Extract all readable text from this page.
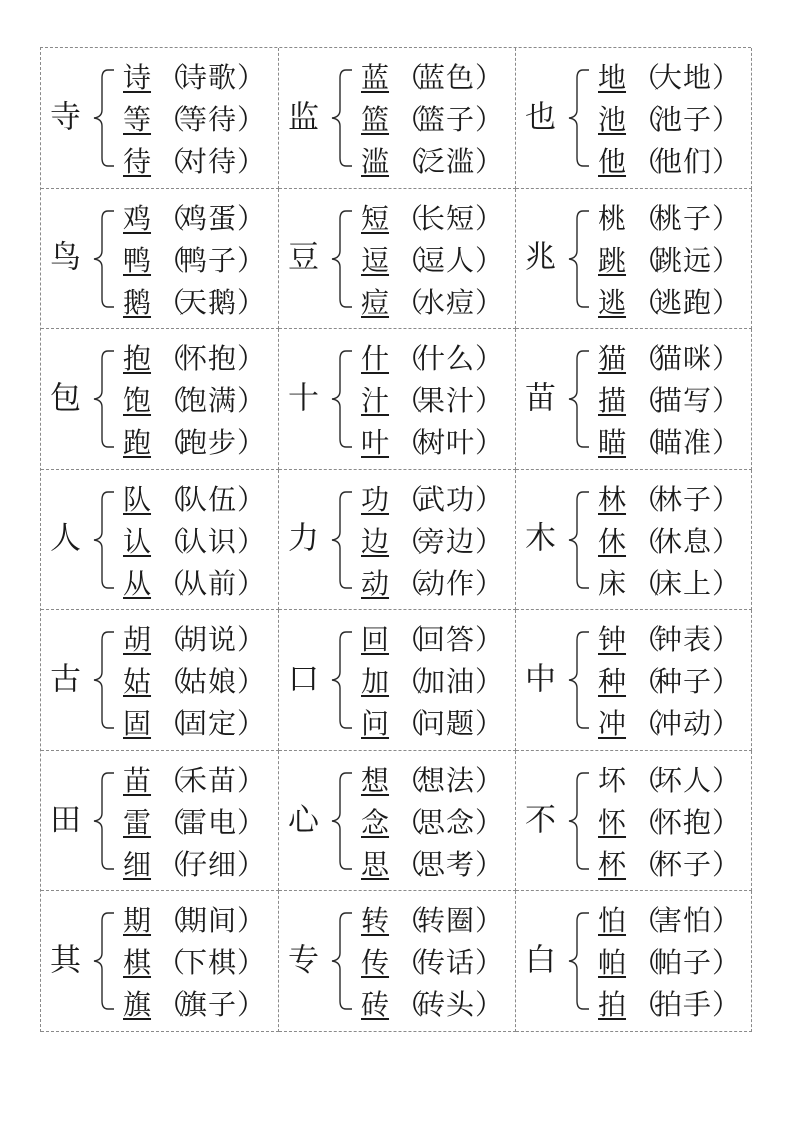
寺
诗 （
诗歌 ）
等 （
等待 ）
待 （
对待 ）
监
蓝 （
蓝色 ）
篮 （
篮子 ）
滥 （
泛滥 ）
也
地 （
大地 ）
池 （
池子 ）
他 （
他们 ）
鸟
鸡 （
鸡蛋 ）
鸭 （
鸭子 ）
鹅 （
天鹅 ）
豆
短 （
长短 ）
逗 （
逗人 ）
痘 （
水痘 ）
兆
桃 （
桃子 ）
跳 （
跳远 ）
逃 （
逃跑 ）
包
抱 （
怀抱 ）
饱 （
饱满 ）
跑 （
跑步 ）
十
什 （
什么 ）
汁 （
果汁 ）
叶 （
树叶 ）
苗
猫 （
猫咪 ）
描 （
描写 ）
瞄 （
瞄准 ）
人
队 （
队伍 ）
认 （
认识 ）
从 （
从前 ）
力
功 （
武功 ）
边 （
旁边 ）
动 （
动作 ）
木
林 （
林子 ）
休 （
休息 ）
床 （
床上 ）
古
胡 （
胡说 ）
姑 （
姑娘 ）
固 （
固定 ）
口
回 （
回答 ）
加 （
加油 ）
问 （
问题 ）
中
钟 （
钟表 ）
种 （
种子 ）
冲 （
冲动 ）
田
苗 （
禾苗 ）
雷 （
雷电 ）
细 （
仔细 ）
心
想 （
想法 ）
念 （
思念 ）
思 （
思考 ）
不
坏 （
坏人 ）
怀 （
怀抱 ）
杯 （
杯子 ）
其
期 （
期间 ）
棋 （
下棋 ）
旗 （
旗子 ）
专
转 （
转圈 ）
传 （
传话 ）
砖 （
砖头 ）
白
怕 （
害怕 ）
帕 （
帕子 ）
拍 （
拍手 ）
